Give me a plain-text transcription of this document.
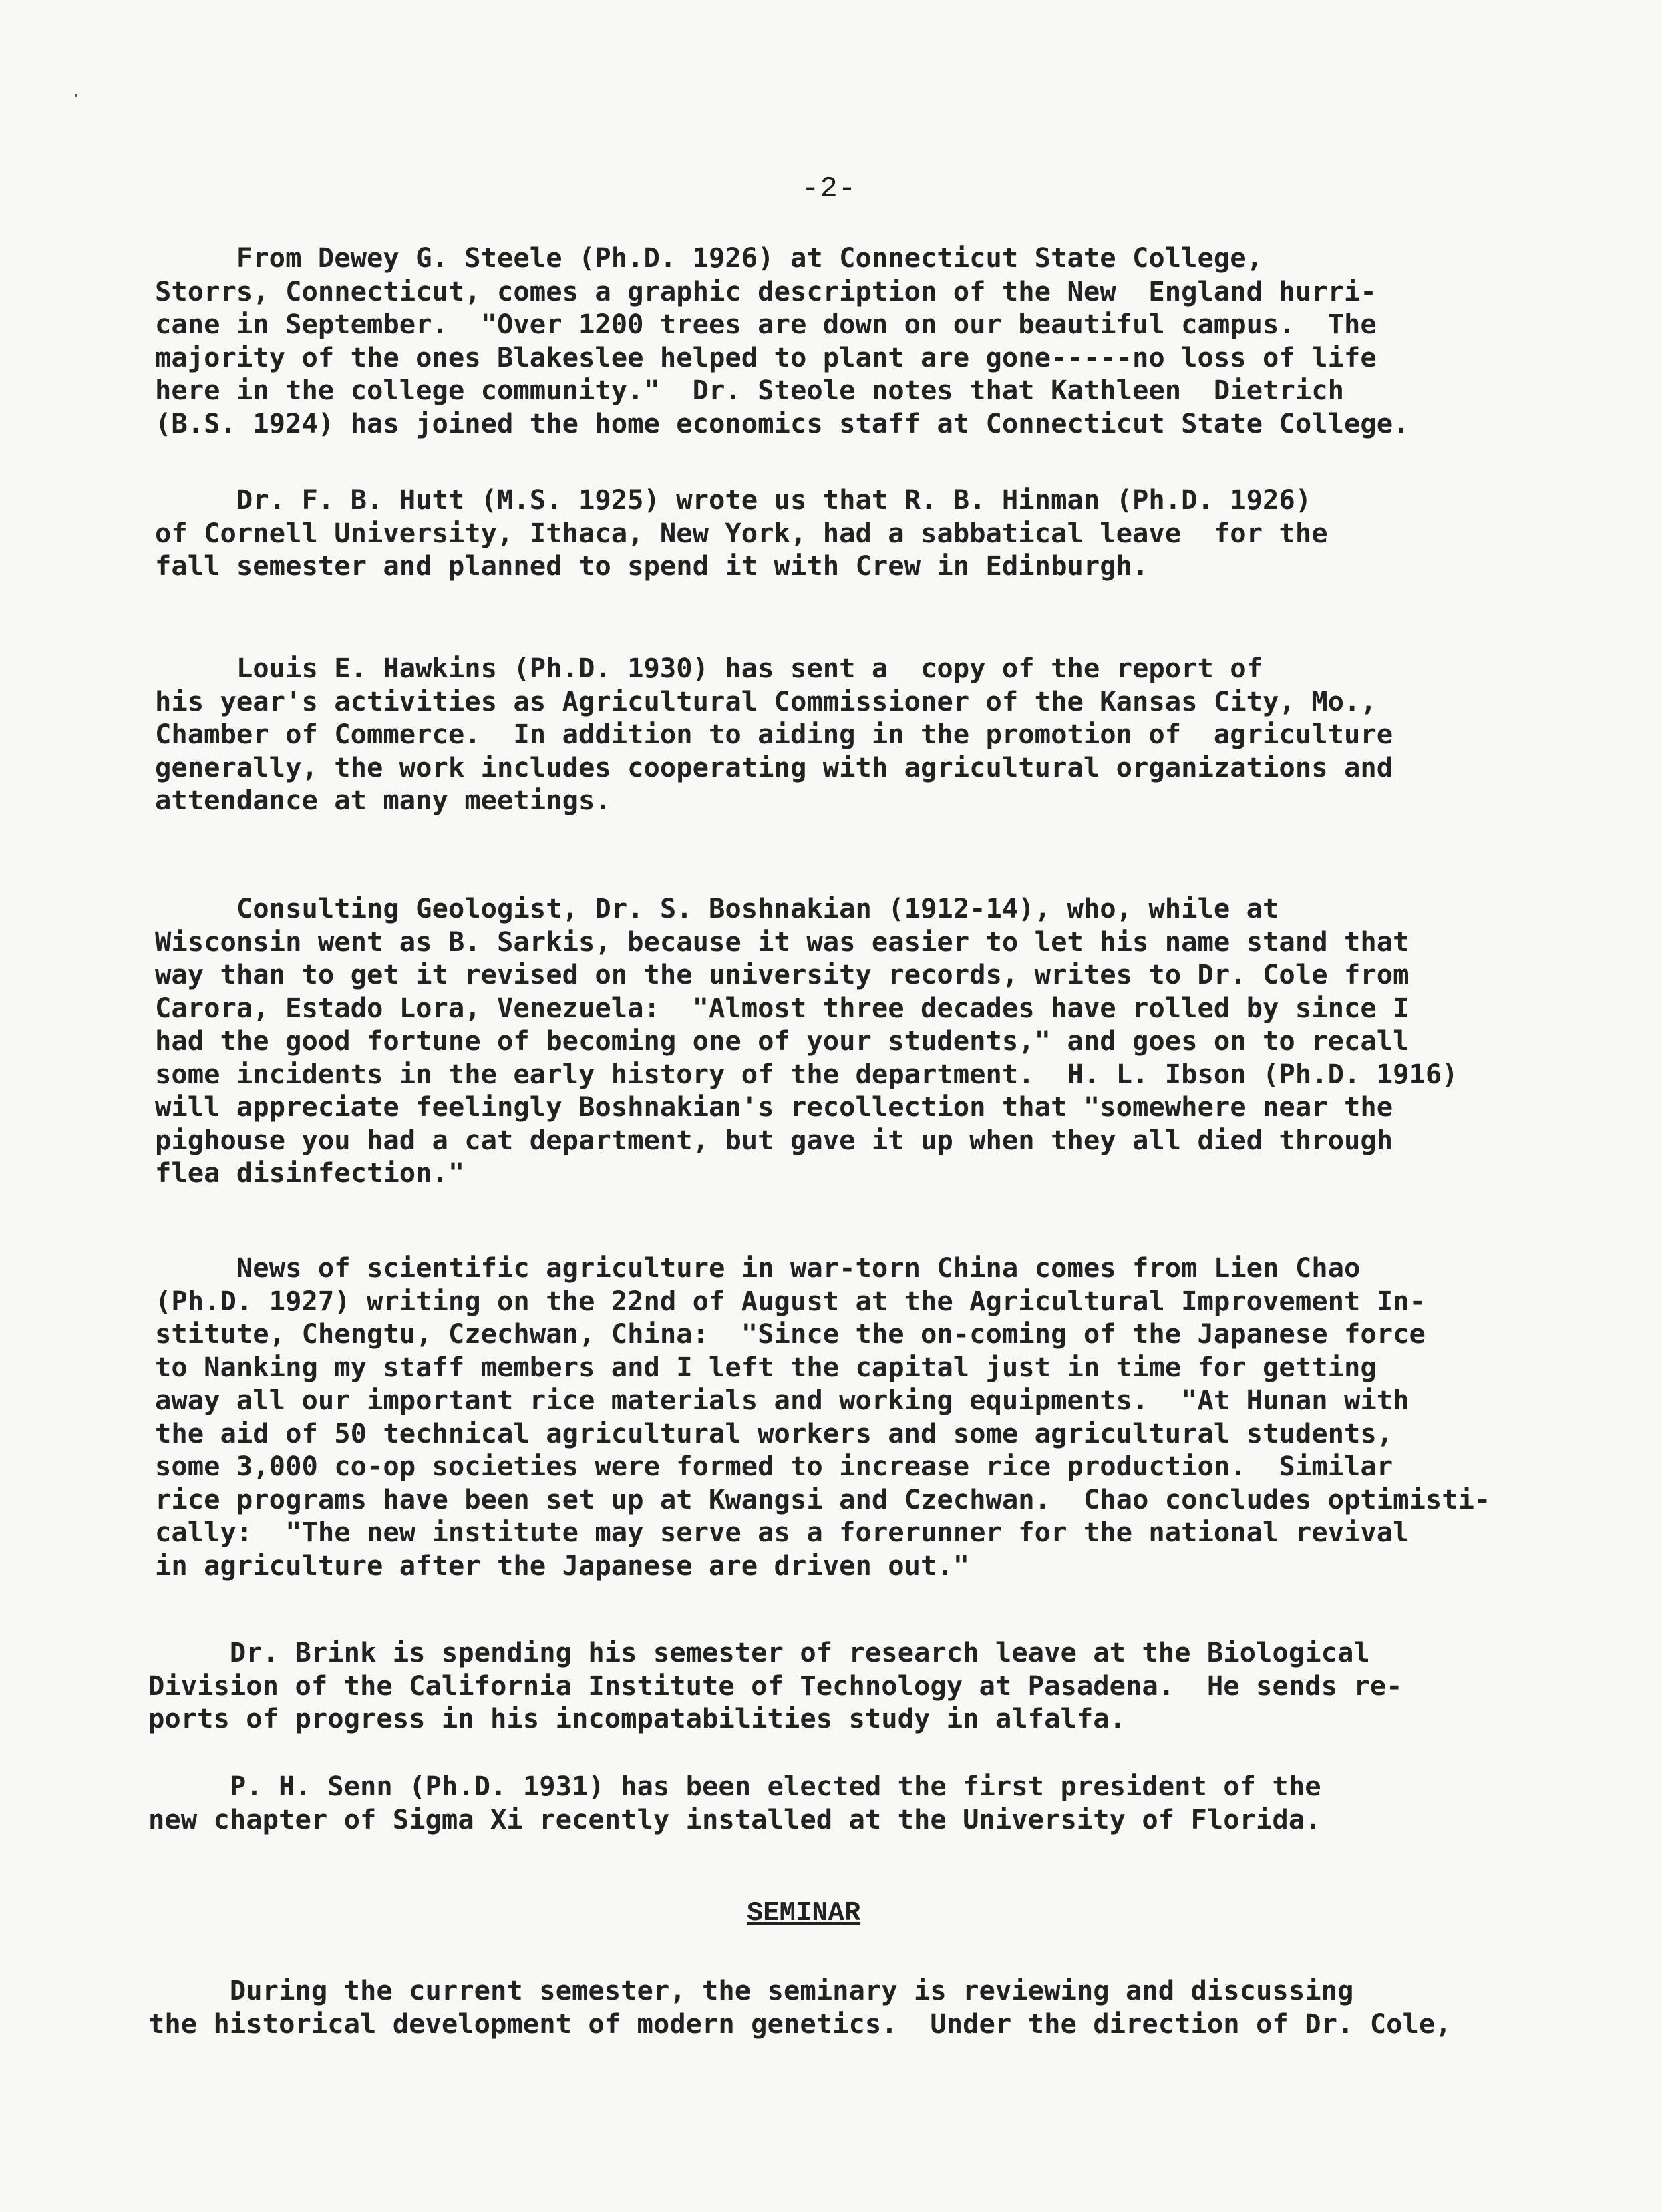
-2-
From Dewey G. Steele (Ph.D. 1926) at Connecticut State College,
Storrs, Connecticut, comes a graphic description of the New  England hurri-
cane in September.  "Over 1200 trees are down on our beautiful campus.  The
majority of the ones Blakeslee helped to plant are gone-----no loss of life
here in the college community."  Dr. Steole notes that Kathleen  Dietrich
(B.S. 1924) has joined the home economics staff at Connecticut State College.
Dr. F. B. Hutt (M.S. 1925) wrote us that R. B. Hinman (Ph.D. 1926)
of Cornell University, Ithaca, New York, had a sabbatical leave  for the
fall semester and planned to spend it with Crew in Edinburgh.
Louis E. Hawkins (Ph.D. 1930) has sent a  copy of the report of
his year's activities as Agricultural Commissioner of the Kansas City, Mo.,
Chamber of Commerce.  In addition to aiding in the promotion of  agriculture
generally, the work includes cooperating with agricultural organizations and
attendance at many meetings.
Consulting Geologist, Dr. S. Boshnakian (1912-14), who, while at
Wisconsin went as B. Sarkis, because it was easier to let his name stand that
way than to get it revised on the university records, writes to Dr. Cole from
Carora, Estado Lora, Venezuela:  "Almost three decades have rolled by since I
had the good fortune of becoming one of your students," and goes on to recall
some incidents in the early history of the department.  H. L. Ibson (Ph.D. 1916)
will appreciate feelingly Boshnakian's recollection that "somewhere near the
pighouse you had a cat department, but gave it up when they all died through
flea disinfection."
News of scientific agriculture in war-torn China comes from Lien Chao
(Ph.D. 1927) writing on the 22nd of August at the Agricultural Improvement In-
stitute, Chengtu, Czechwan, China:  "Since the on-coming of the Japanese force
to Nanking my staff members and I left the capital just in time for getting
away all our important rice materials and working equipments.  "At Hunan with
the aid of 50 technical agricultural workers and some agricultural students,
some 3,000 co-op societies were formed to increase rice production.  Similar
rice programs have been set up at Kwangsi and Czechwan.  Chao concludes optimisti-
cally:  "The new institute may serve as a forerunner for the national revival
in agriculture after the Japanese are driven out."
Dr. Brink is spending his semester of research leave at the Biological
Division of the California Institute of Technology at Pasadena.  He sends re-
ports of progress in his incompatabilities study in alfalfa.
P. H. Senn (Ph.D. 1931) has been elected the first president of the
new chapter of Sigma Xi recently installed at the University of Florida.
SEMINAR
During the current semester, the seminary is reviewing and discussing
the historical development of modern genetics.  Under the direction of Dr. Cole,
